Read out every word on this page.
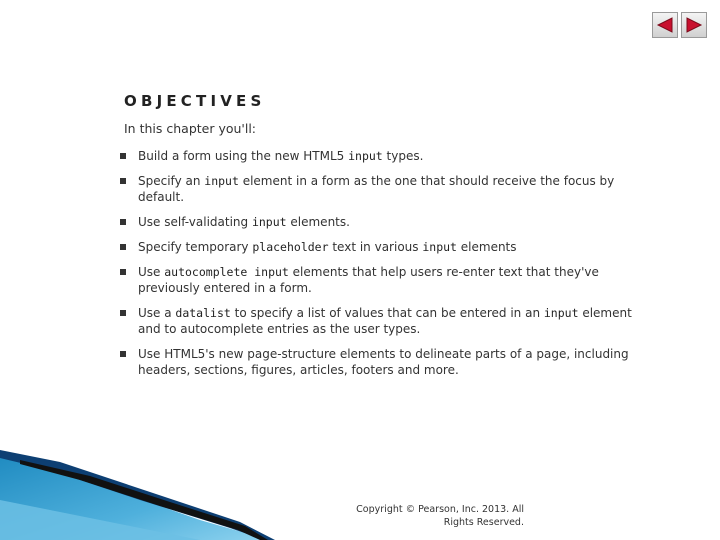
OBJECTIVES
In this chapter you'll:
Build a form using the new HTML5 input types.
Specify an input element in a form as the one that should receive the focus by default.
Use self-validating input elements.
Specify temporary placeholder text in various input elements
Use autocomplete input elements that help users re-enter text that they've previously entered in a form.
Use a datalist to specify a list of values that can be entered in an input element and to autocomplete entries as the user types.
Use HTML5's new page-structure elements to delineate parts of a page, including headers, sections, figures, articles, footers and more.
Copyright © Pearson, Inc. 2013. All
Rights Reserved.
